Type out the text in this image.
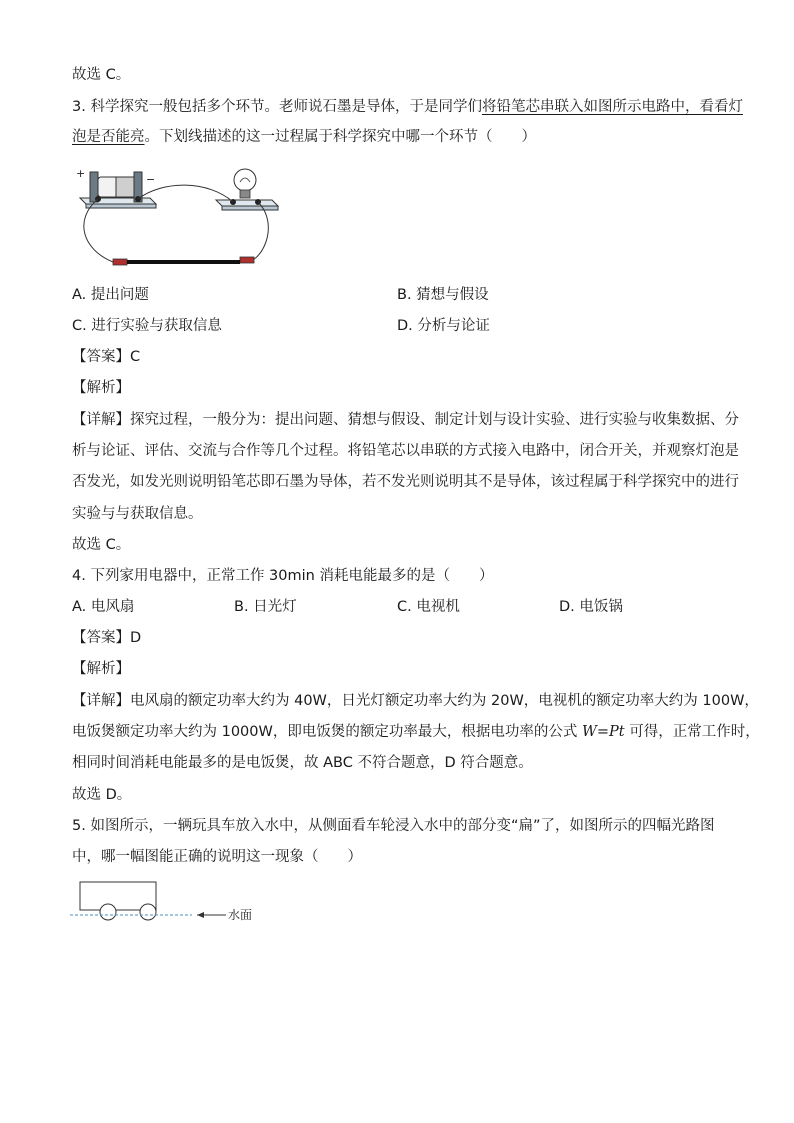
故选 C。
3. 科学探究一般包括多个环节。老师说石墨是导体，于是同学们将铅笔芯串联入如图所示电路中，看看灯
泡是否能亮。下划线描述的这一过程属于科学探究中哪一个环节（　　）
+	−
A. 提出问题	B. 猜想与假设
C. 进行实验与获取信息	D. 分析与论证
【答案】C
【解析】
【详解】探究过程，一般分为：提出问题、猜想与假设、制定计划与设计实验、进行实验与收集数据、分
析与论证、评估、交流与合作等几个过程。将铅笔芯以串联的方式接入电路中，闭合开关，并观察灯泡是
否发光，如发光则说明铅笔芯即石墨为导体，若不发光则说明其不是导体，该过程属于科学探究中的进行
实验与与获取信息。
故选 C。
4. 下列家用电器中，正常工作 30min 消耗电能最多的是（　　）
A. 电风扇	B. 日光灯	C. 电视机	D. 电饭锅
【答案】D
【解析】
【详解】电风扇的额定功率大约为 40W，日光灯额定功率大约为 20W，电视机的额定功率大约为 100W，
电饭煲额定功率大约为 1000W，即电饭煲的额定功率最大，根据电功率的公式 W=Pt 可得，正常工作时，
相同时间消耗电能最多的是电饭煲，故 ABC 不符合题意，D 符合题意。
故选 D。
5. 如图所示，一辆玩具车放入水中，从侧面看车轮浸入水中的部分变“扁”了，如图所示的四幅光路图
中，哪一幅图能正确的说明这一现象（　　）
水面
